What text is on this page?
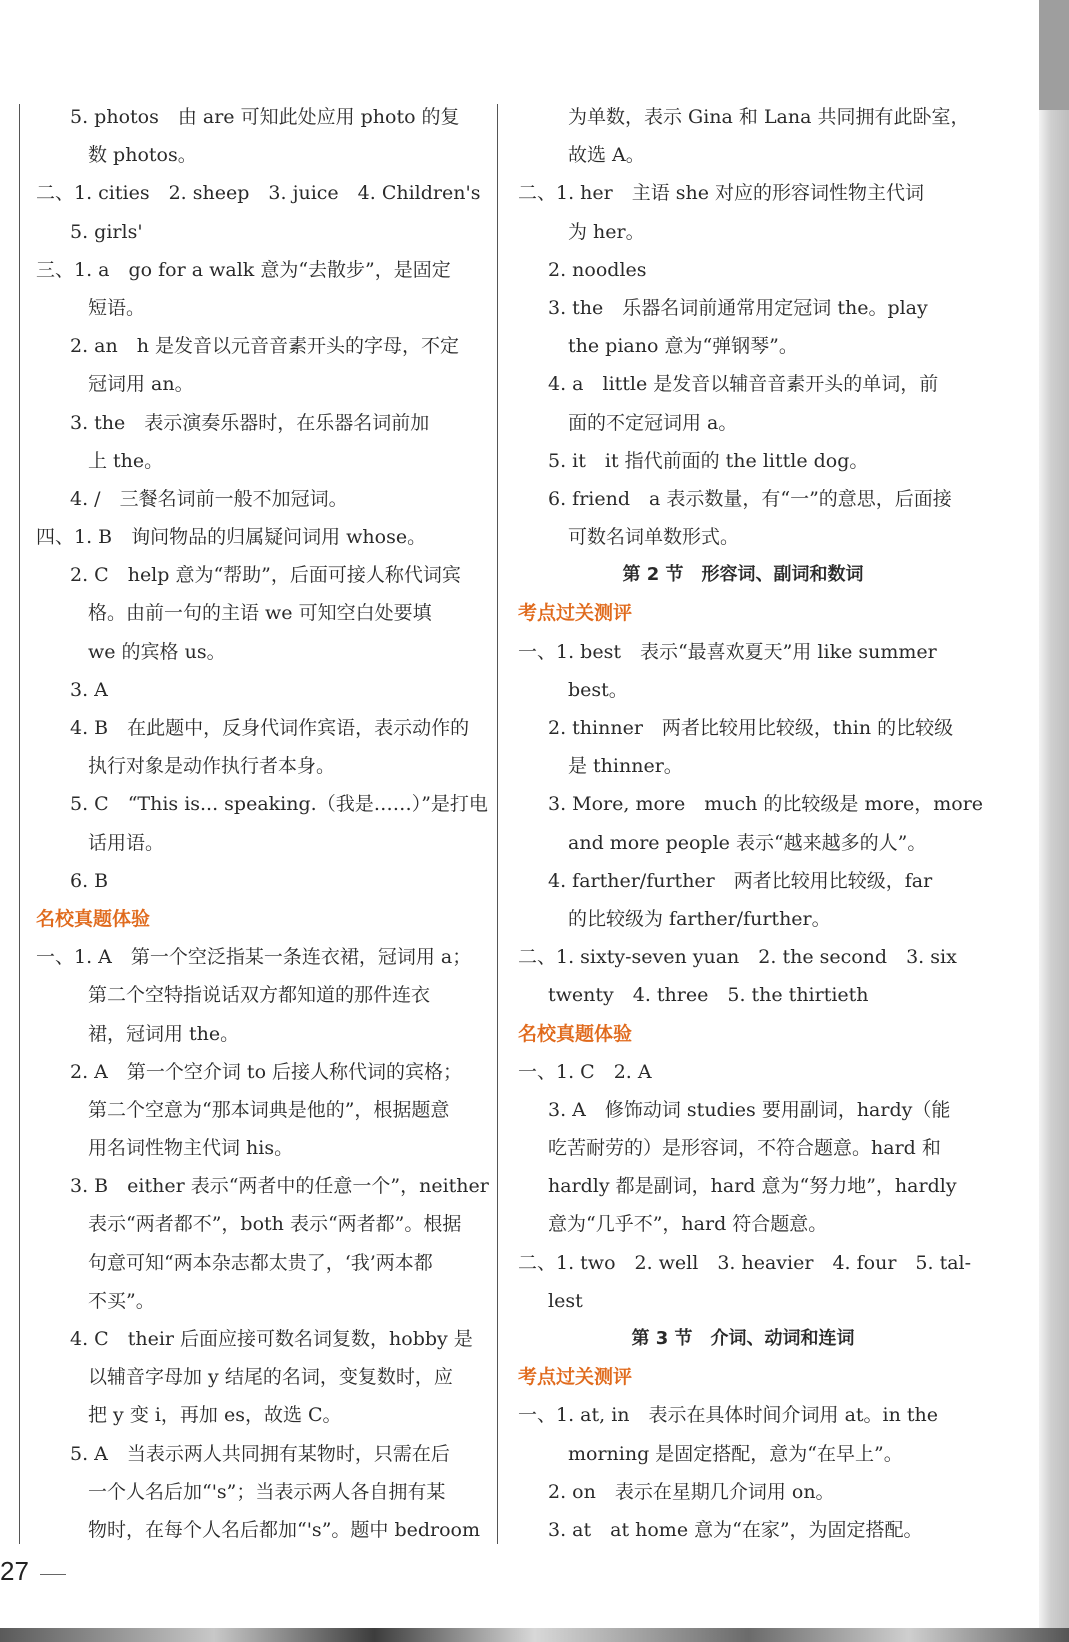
5. photos　由 are 可知此处应用 photo 的复
数 photos。
二、1. cities　2. sheep　3. juice　4. Children's
5. girls'
三、1. a　go for a walk 意为“去散步”，是固定
短语。
2. an　h 是发音以元音音素开头的字母，不定
冠词用 an。
3. the　表示演奏乐器时，在乐器名词前加
上 the。
4. /　三餐名词前一般不加冠词。
四、1. B　询问物品的归属疑问词用 whose。
2. C　help 意为“帮助”，后面可接人称代词宾
格。由前一句的主语 we 可知空白处要填
we 的宾格 us。
3. A
4. B　在此题中，反身代词作宾语，表示动作的
执行对象是动作执行者本身。
5. C　“This is... speaking.（我是……）”是打电
话用语。
6. B
名校真题体验
一、1. A　第一个空泛指某一条连衣裙，冠词用 a；
第二个空特指说话双方都知道的那件连衣
裙，冠词用 the。
2. A　第一个空介词 to 后接人称代词的宾格；
第二个空意为“那本词典是他的”，根据题意
用名词性物主代词 his。
3. B　either 表示“两者中的任意一个”，neither
表示“两者都不”，both 表示“两者都”。根据
句意可知“两本杂志都太贵了，‘我’两本都
不买”。
4. C　their 后面应接可数名词复数，hobby 是
以辅音字母加 y 结尾的名词，变复数时，应
把 y 变 i，再加 es，故选 C。
5. A　当表示两人共同拥有某物时，只需在后
一个人名后加“'s”；当表示两人各自拥有某
物时，在每个人名后都加“'s”。题中 bedroom
为单数，表示 Gina 和 Lana 共同拥有此卧室，
故选 A。
二、1. her　主语 she 对应的形容词性物主代词
为 her。
2. noodles
3. the　乐器名词前通常用定冠词 the。play
the piano 意为“弹钢琴”。
4. a　little 是发音以辅音音素开头的单词，前
面的不定冠词用 a。
5. it　it 指代前面的 the little dog。
6. friend　a 表示数量，有“一”的意思，后面接
可数名词单数形式。
第 2 节　形容词、副词和数词
考点过关测评
一、1. best　表示“最喜欢夏天”用 like summer
best。
2. thinner　两者比较用比较级，thin 的比较级
是 thinner。
3. More, more　much 的比较级是 more，more
and more people 表示“越来越多的人”。
4. farther/further　两者比较用比较级，far
的比较级为 farther/further。
二、1. sixty-seven yuan　2. the second　3. six
twenty　4. three　5. the thirtieth
名校真题体验
一、1. C　2. A
3. A　修饰动词 studies 要用副词，hardy（能
吃苦耐劳的）是形容词，不符合题意。hard 和
hardly 都是副词，hard 意为“努力地”，hardly
意为“几乎不”，hard 符合题意。
二、1. two　2. well　3. heavier　4. four　5. tal-
lest
第 3 节　介词、动词和连词
考点过关测评
一、1. at, in　表示在具体时间介词用 at。in the
morning 是固定搭配，意为“在早上”。
2. on　表示在星期几介词用 on。
3. at　at home 意为“在家”，为固定搭配。
27
